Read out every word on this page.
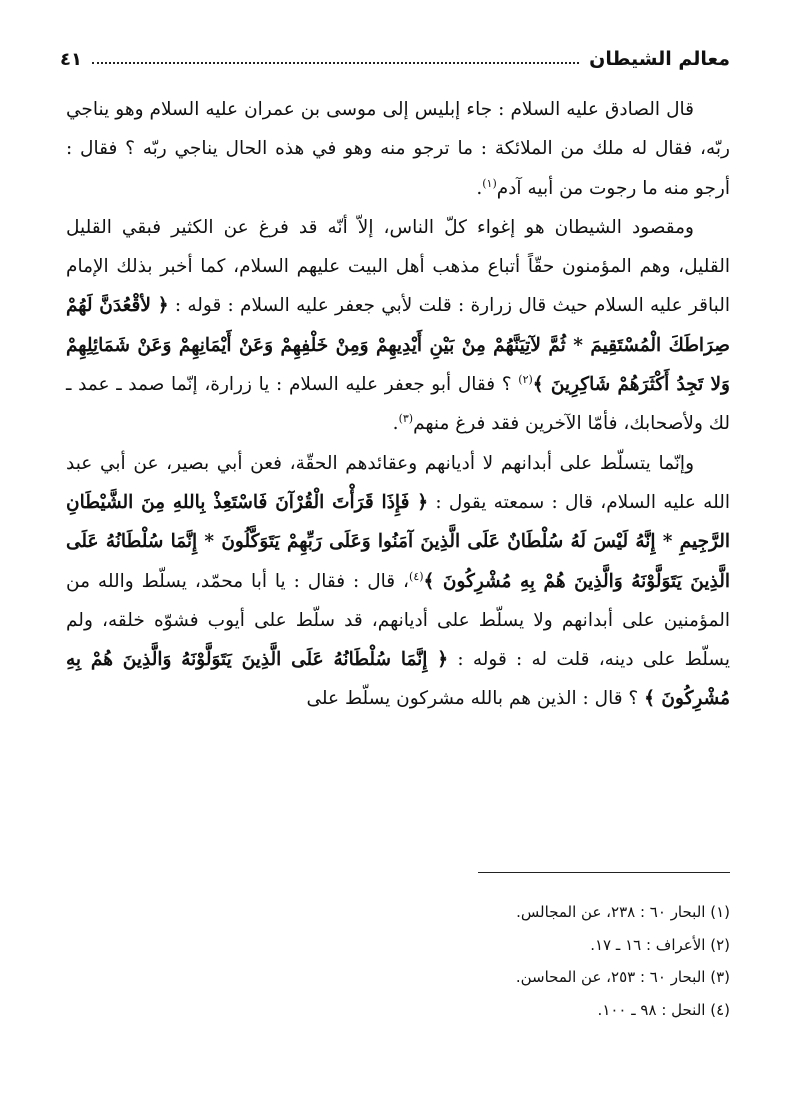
معالم الشيطان
٤١

قال الصادق عليه السلام : جاء إبليس إلى موسى بن عمران عليه السلام وهو يناجي ربّه، فقال له ملك من الملائكة : ما ترجو منه وهو في هذه الحال يناجي ربّه ؟ فقال : أرجو منه ما رجوت من أبيه آدم$^{(١)}$.

ومقصود الشيطان هو إغواء كلّ الناس، إلاّ أنّه قد فرغ عن الكثير فبقي القليل القليل، وهم المؤمنون حقّاً أتباع مذهب أهل البيت عليهم السلام، كما أخبر بذلك الإمام الباقر عليه السلام حيث قال زرارة : قلت لأبي جعفر عليه السلام : قوله : ﴿ لأقْعُدَنَّ لَهُمْ صِرَاطَكَ الْمُسْتَقِيمَ * ثُمَّ لآتِيَنَّهُمْ مِنْ بَيْنِ أَيْدِيهِمْ وَمِنْ خَلْفِهِمْ وَعَنْ أَيْمَانِهِمْ وَعَنْ شَمَائِلِهِمْ وَلا تَجِدُ أَكْثَرَهُمْ شَاكِرِينَ ﴾$^{(٢)}$ ؟ فقال أبو جعفر عليه السلام : يا زرارة، إنّما صمد ـ عمد ـ لك ولأصحابك، فأمّا الآخرين فقد فرغ منهم$^{(٣)}$.

وإنّما يتسلّط على أبدانهم لا أديانهم وعقائدهم الحقّة، فعن أبي بصير، عن أبي عبد الله عليه السلام، قال : سمعته يقول : ﴿ فَإِذَا قَرَأْتَ الْقُرْآنَ فَاسْتَعِذْ بِاللهِ مِنَ الشَّيْطَانِ الرَّجِيمِ * إِنَّهُ لَيْسَ لَهُ سُلْطَانٌ عَلَى الَّذِينَ آمَنُوا وَعَلَى رَبِّهِمْ يَتَوَكَّلُونَ * إِنَّمَا سُلْطَانُهُ عَلَى الَّذِينَ يَتَوَلَّوْنَهُ وَالَّذِينَ هُمْ بِهِ مُشْرِكُونَ ﴾$^{(٤)}$، قال : فقال : يا أبا محمّد، يسلّط والله من المؤمنين على أبدانهم ولا يسلّط على أديانهم، قد سلّط على أيوب فشوّه خلقه، ولم يسلّط على دينه، قلت له : قوله : ﴿ إِنَّمَا سُلْطَانُهُ عَلَى الَّذِينَ يَتَوَلَّوْنَهُ وَالَّذِينَ هُمْ بِهِ مُشْرِكُونَ ﴾ ؟ قال : الذين هم بالله مشركون يسلّط على

(١) البحار ٦٠ : ٢٣٨، عن المجالس.
(٢) الأعراف : ١٦ ـ ١٧.
(٣) البحار ٦٠ : ٢٥٣، عن المحاسن.
(٤) النحل : ٩٨ ـ ١٠٠.
